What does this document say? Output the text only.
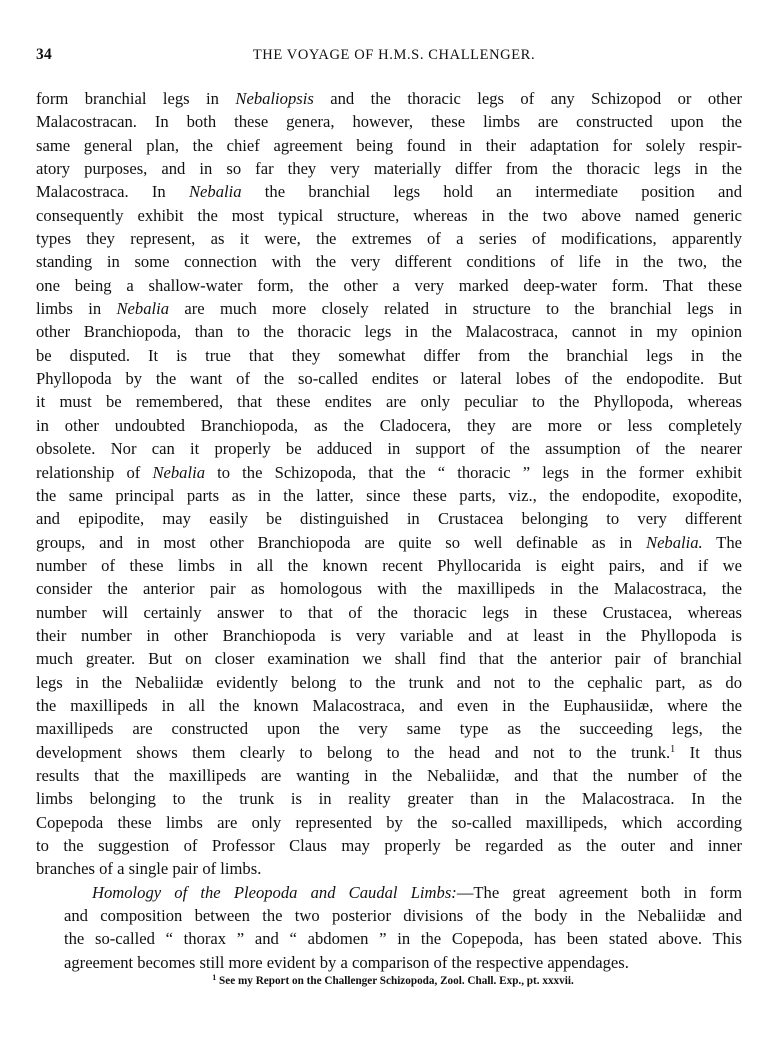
34	THE VOYAGE OF H.M.S. CHALLENGER.
form branchial legs in Nebaliopsis and the thoracic legs of any Schizopod or other
Malacostracan. In both these genera, however, these limbs are constructed upon the
same general plan, the chief agreement being found in their adaptation for solely respir-
atory purposes, and in so far they very materially differ from the thoracic legs in the
Malacostraca. In Nebalia the branchial legs hold an intermediate position and
consequently exhibit the most typical structure, whereas in the two above named generic
types they represent, as it were, the extremes of a series of modifications, apparently
standing in some connection with the very different conditions of life in the two, the
one being a shallow-water form, the other a very marked deep-water form. That these
limbs in Nebalia are much more closely related in structure to the branchial legs in
other Branchiopoda, than to the thoracic legs in the Malacostraca, cannot in my opinion
be disputed. It is true that they somewhat differ from the branchial legs in the
Phyllopoda by the want of the so-called endites or lateral lobes of the endopodite. But
it must be remembered, that these endites are only peculiar to the Phyllopoda, whereas
in other undoubted Branchiopoda, as the Cladocera, they are more or less completely
obsolete. Nor can it properly be adduced in support of the assumption of the nearer
relationship of Nebalia to the Schizopoda, that the “ thoracic ” legs in the former exhibit
the same principal parts as in the latter, since these parts, viz., the endopodite, exopodite,
and epipodite, may easily be distinguished in Crustacea belonging to very different
groups, and in most other Branchiopoda are quite so well definable as in Nebalia. The
number of these limbs in all the known recent Phyllocarida is eight pairs, and if we
consider the anterior pair as homologous with the maxillipeds in the Malacostraca, the
number will certainly answer to that of the thoracic legs in these Crustacea, whereas
their number in other Branchiopoda is very variable and at least in the Phyllopoda is
much greater. But on closer examination we shall find that the anterior pair of branchial
legs in the Nebaliidæ evidently belong to the trunk and not to the cephalic part, as do
the maxillipeds in all the known Malacostraca, and even in the Euphausiidæ, where the
maxillipeds are constructed upon the very same type as the succeeding legs, the
development shows them clearly to belong to the head and not to the trunk.$^1$ It thus
results that the maxillipeds are wanting in the Nebaliidæ, and that the number of the
limbs belonging to the trunk is in reality greater than in the Malacostraca. In the
Copepoda these limbs are only represented by the so-called maxillipeds, which according
to the suggestion of Professor Claus may properly be regarded as the outer and inner
branches of a single pair of limbs.
Homology of the Pleopoda and Caudal Limbs:—The great agreement both in form
and composition between the two posterior divisions of the body in the Nebaliidæ and
the so-called “ thorax ” and “ abdomen ” in the Copepoda, has been stated above. This
agreement becomes still more evident by a comparison of the respective appendages.
$^1$ See my Report on the Challenger Schizopoda, Zool. Chall. Exp., pt. xxxvii.
